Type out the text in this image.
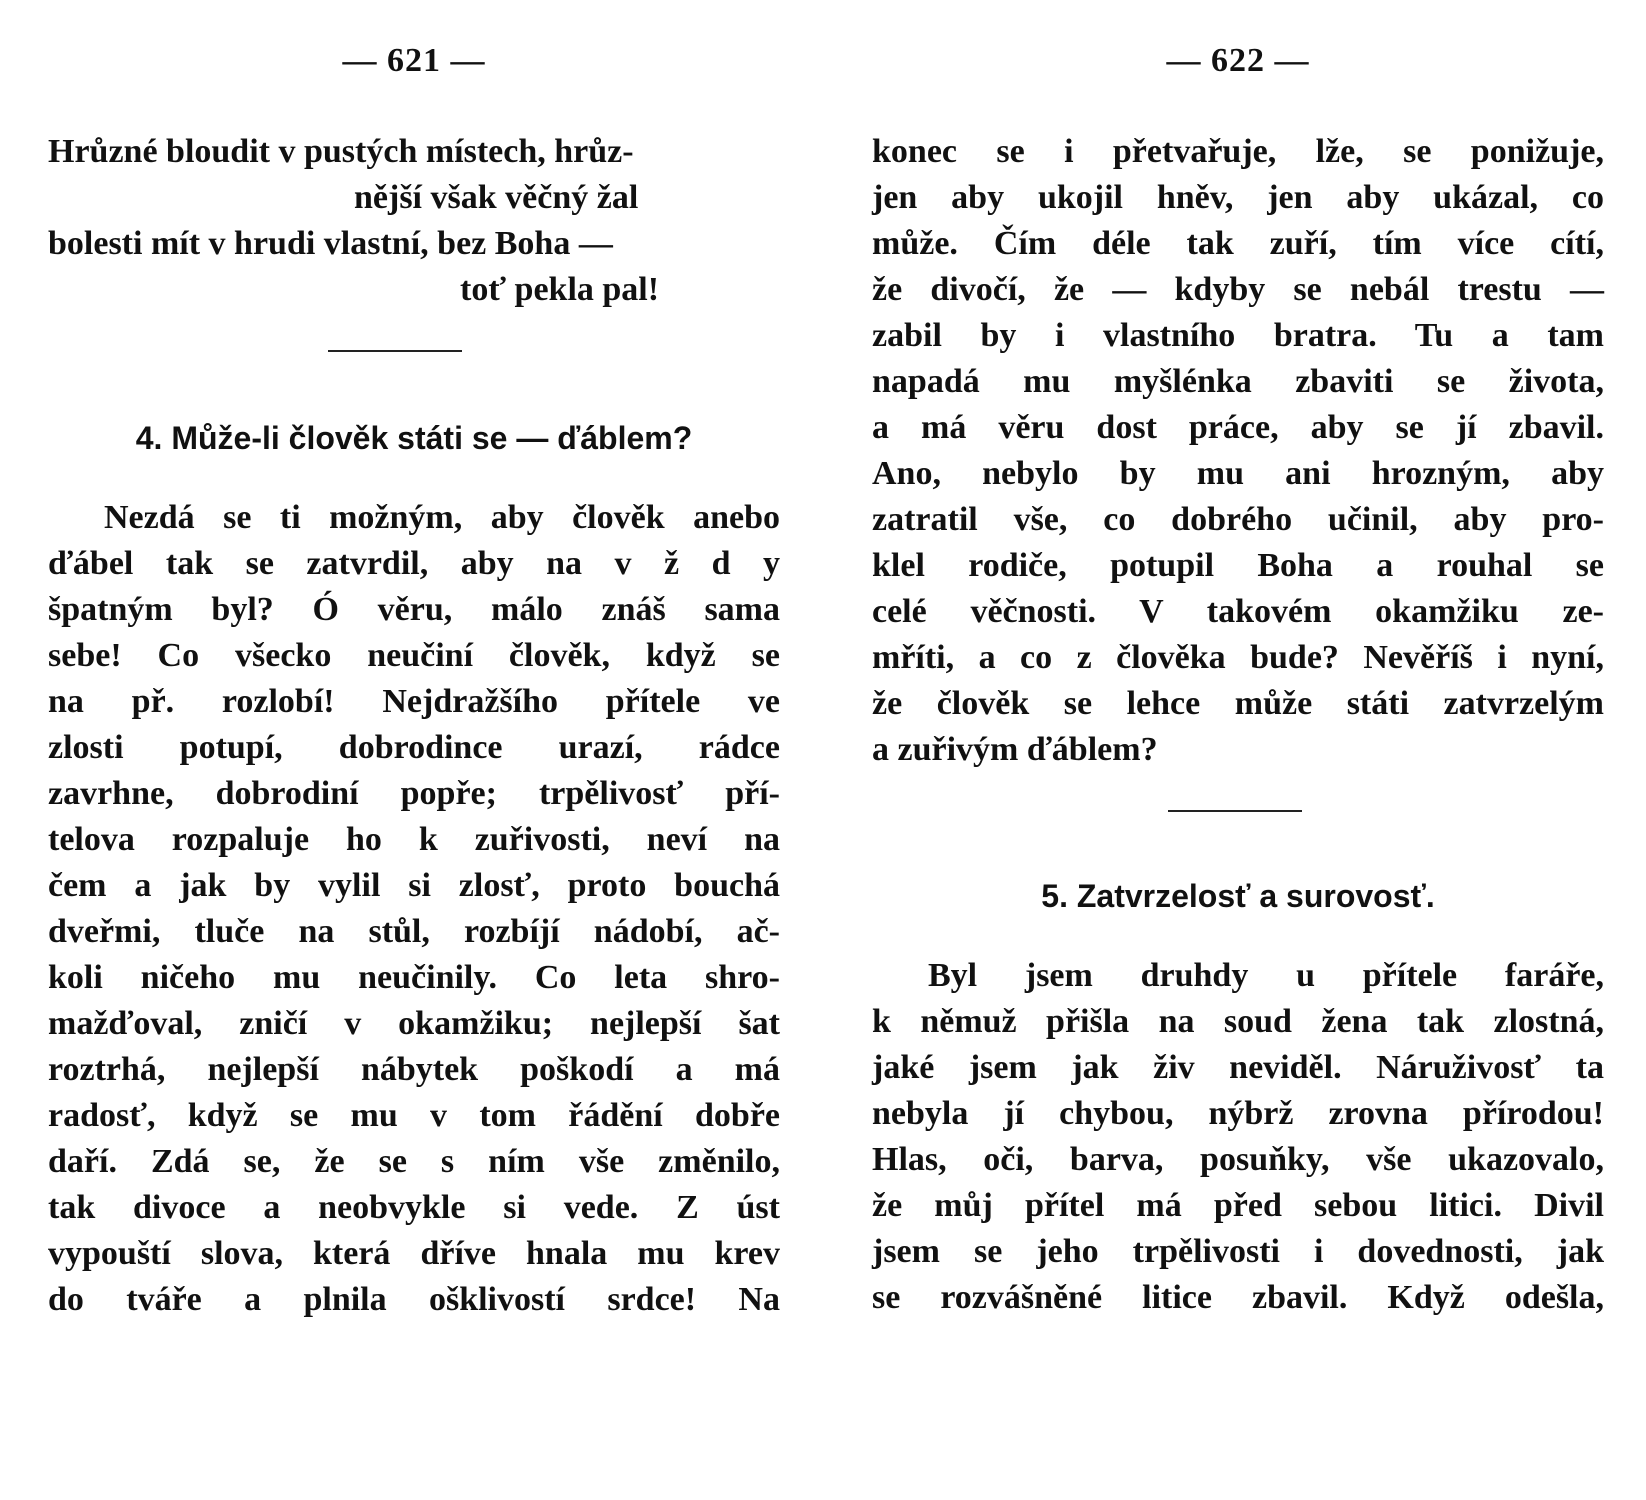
— 621 —
Hrůzné bloudit v pustých místech, hrůz-
nější však věčný žal
bolesti mít v hrudi vlastní, bez Boha —
toť pekla pal!
4. Může-li člověk státi se — ďáblem?
Nezdá se ti možným, aby člověk anebo
ďábel tak se zatvrdil, aby na v ž d y
špatným byl? Ó věru, málo znáš sama
sebe! Co všecko neučiní člověk, když se
na př. rozlobí! Nejdražšího přítele ve
zlosti potupí, dobrodince urazí, rádce
zavrhne, dobrodiní popře; trpělivosť pří-
telova rozpaluje ho k zuřivosti, neví na
čem a jak by vylil si zlosť, proto bouchá
dveřmi, tluče na stůl, rozbíjí nádobí, ač-
koli ničeho mu neučinily. Co leta shro-
mažďoval, zničí v okamžiku; nejlepší šat
roztrhá, nejlepší nábytek poškodí a má
radosť, když se mu v tom řádění dobře
daří. Zdá se, že se s ním vše změnilo,
tak divoce a neobvykle si vede. Z úst
vypouští slova, která dříve hnala mu krev
do tváře a plnila ošklivostí srdce! Na
— 622 —
konec se i přetvařuje, lže, se ponižuje,
jen aby ukojil hněv, jen aby ukázal, co
může. Čím déle tak zuří, tím více cítí,
že divočí, že — kdyby se nebál trestu —
zabil by i vlastního bratra. Tu a tam
napadá mu myšlénka zbaviti se života,
a má věru dost práce, aby se jí zbavil.
Ano, nebylo by mu ani hrozným, aby
zatratil vše, co dobrého učinil, aby pro-
klel rodiče, potupil Boha a rouhal se
celé věčnosti. V takovém okamžiku ze-
mříti, a co z člověka bude? Nevěříš i nyní,
že člověk se lehce může státi zatvrzelým
a zuřivým ďáblem?
5. Zatvrzelosť a surovosť.
Byl jsem druhdy u přítele faráře,
k němuž přišla na soud žena tak zlostná,
jaké jsem jak živ neviděl. Náruživosť ta
nebyla jí chybou, nýbrž zrovna přírodou!
Hlas, oči, barva, posuňky, vše ukazovalo,
že můj přítel má před sebou litici. Divil
jsem se jeho trpělivosti i dovednosti, jak
se rozvášněné litice zbavil. Když odešla,
